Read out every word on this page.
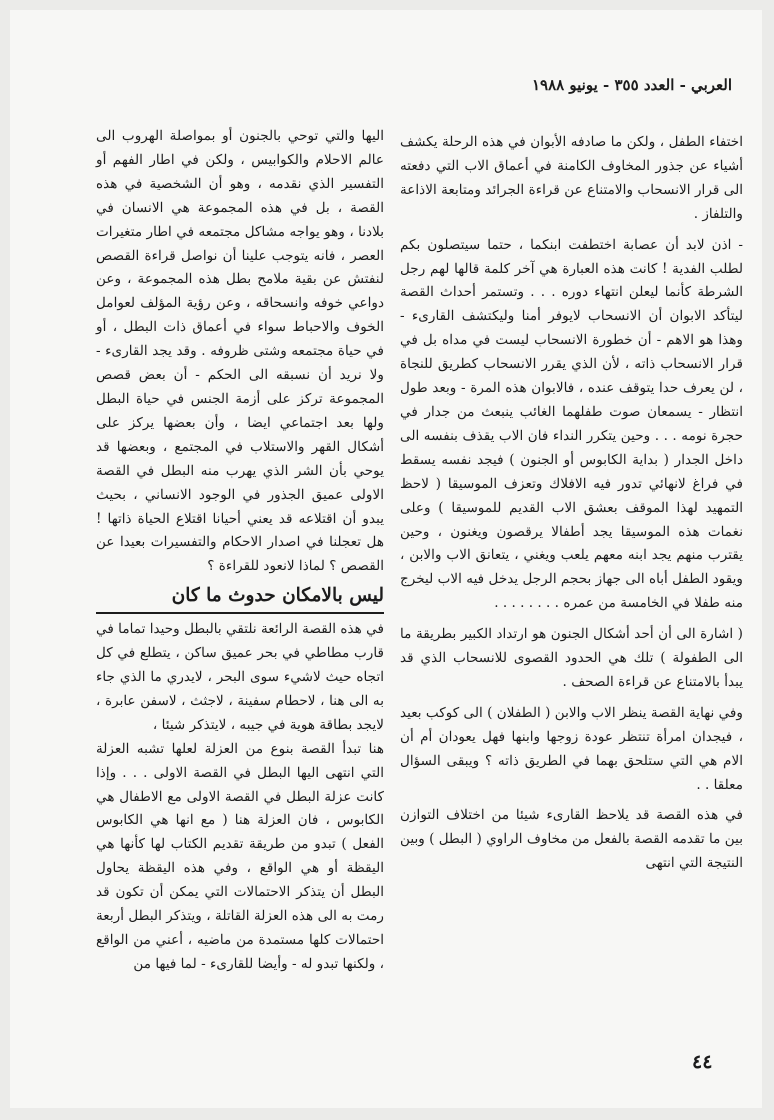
العربي - العدد ٣٥٥ - يونيو ١٩٨٨

اختفاء الطفل ، ولكن ما صادفه الأبوان في هذه الرحلة يكشف أشياء عن جذور المخاوف الكامنة في أعماق الاب التي دفعته الى قرار الانسحاب والامتناع عن قراءة الجرائد ومتابعة الاذاعة والتلفاز .

- اذن لابد أن عصابة اختطفت ابنكما ، حتما سيتصلون بكم لطلب الفدية ! كانت هذه العبارة هي آخر كلمة قالها لهم رجل الشرطة كأنما ليعلن انتهاء دوره . . . وتستمر أحداث القصة ليتأكد الابوان أن الانسحاب لايوفر أمنا وليكتشف القارىء - وهذا هو الاهم - أن خطورة الانسحاب ليست في مداه بل في قرار الانسحاب ذاته ، لأن الذي يقرر الانسحاب كطريق للنجاة ، لن يعرف حدا يتوقف عنده ، فالابوان هذه المرة - وبعد طول انتظار - يسمعان صوت طفلهما الغائب ينبعث من جدار في حجرة نومه . . . وحين يتكرر النداء فان الاب يقذف بنفسه الى داخل الجدار ( بداية الكابوس أو الجنون ) فيجد نفسه يسقط في فراغ لانهائي تدور فيه الافلاك وتعزف الموسيقا ( لاحظ التمهيد لهذا الموقف بعشق الاب القديم للموسيقا ) وعلى نغمات هذه الموسيقا يجد أطفالا يرقصون ويغنون ، وحين يقترب منهم يجد ابنه معهم يلعب ويغني ، يتعانق الاب والابن ، ويقود الطفل أباه الى جهاز بحجم الرجل يدخل فيه الاب ليخرج منه طفلا في الخامسة من عمره . . . . . . . .

( اشارة الى أن أحد أشكال الجنون هو ارتداد الكبير بطريقة ما الى الطفولة ) تلك هي الحدود القصوى للانسحاب الذي قد يبدأ بالامتناع عن قراءة الصحف .

وفي نهاية القصة ينظر الاب والابن ( الطفلان ) الى كوكب بعيد ، فيجدان امرأة تنتظر عودة زوجها وابنها فهل يعودان أم أن الام هي التي ستلحق بهما في الطريق ذاته ؟ ويبقى السؤال معلقا . .

في هذه القصة قد يلاحظ القارىء شيئا من اختلاف التوازن بين ما تقدمه القصة بالفعل من مخاوف الراوي ( البطل ) وبين النتيجة التي انتهى

اليها والتي توحي بالجنون أو بمواصلة الهروب الى عالم الاحلام والكوابيس ، ولكن في اطار الفهم أو التفسير الذي نقدمه ، وهو أن الشخصية في هذه القصة ، بل في هذه المجموعة هي الانسان في بلادنا ، وهو يواجه مشاكل مجتمعه في اطار متغيرات العصر ، فانه يتوجب علينا أن نواصل قراءة القصص لنفتش عن بقية ملامح بطل هذه المجموعة ، وعن دواعي خوفه وانسحاقه ، وعن رؤية المؤلف لعوامل الخوف والاحباط سواء في أعماق ذات البطل ، أو في حياة مجتمعه وشتى ظروفه . وقد يجد القارىء - ولا نريد أن نسبقه الى الحكم - أن بعض قصص المجموعة تركز على أزمة الجنس في حياة البطل ولها بعد اجتماعي ايضا ، وأن بعضها يركز على أشكال القهر والاستلاب في المجتمع ، وبعضها قد يوحي بأن الشر الذي يهرب منه البطل في القصة الاولى عميق الجذور في الوجود الانساني ، بحيث يبدو أن اقتلاعه قد يعني أحيانا اقتلاع الحياة ذاتها ! هل تعجلنا في اصدار الاحكام والتفسيرات بعيدا عن القصص ؟ لماذا لانعود للقراءة ؟

ليس بالامكان حدوث ما كان

في هذه القصة الرائعة نلتقي بالبطل وحيدا تماما في قارب مطاطي في بحر عميق ساكن ، يتطلع في كل اتجاه حيث لاشيء سوى البحر ، لايدري ما الذي جاء به الى هنا ، لاحطام سفينة ، لاجثث ، لاسفن عابرة ، لايجد بطاقة هوية في جيبه ، لايتذكر شيئا ،

هنا تبدأ القصة بنوع من العزلة لعلها تشبه العزلة التي انتهى اليها البطل في القصة الاولى . . . وإذا كانت عزلة البطل في القصة الاولى مع الاطفال هي الكابوس ، فان العزلة هنا ( مع انها هي الكابوس الفعل ) تبدو من طريقة تقديم الكتاب لها كأنها هي اليقظة أو هي الواقع ، وفي هذه اليقظة يحاول البطل أن يتذكر الاحتمالات التي يمكن أن تكون قد رمت به الى هذه العزلة القاتلة ، ويتذكر البطل أربعة احتمالات كلها مستمدة من ماضيه ، أعني من الواقع ، ولكنها تبدو له - وأيضا للقارىء - لما فيها من

٤٤
